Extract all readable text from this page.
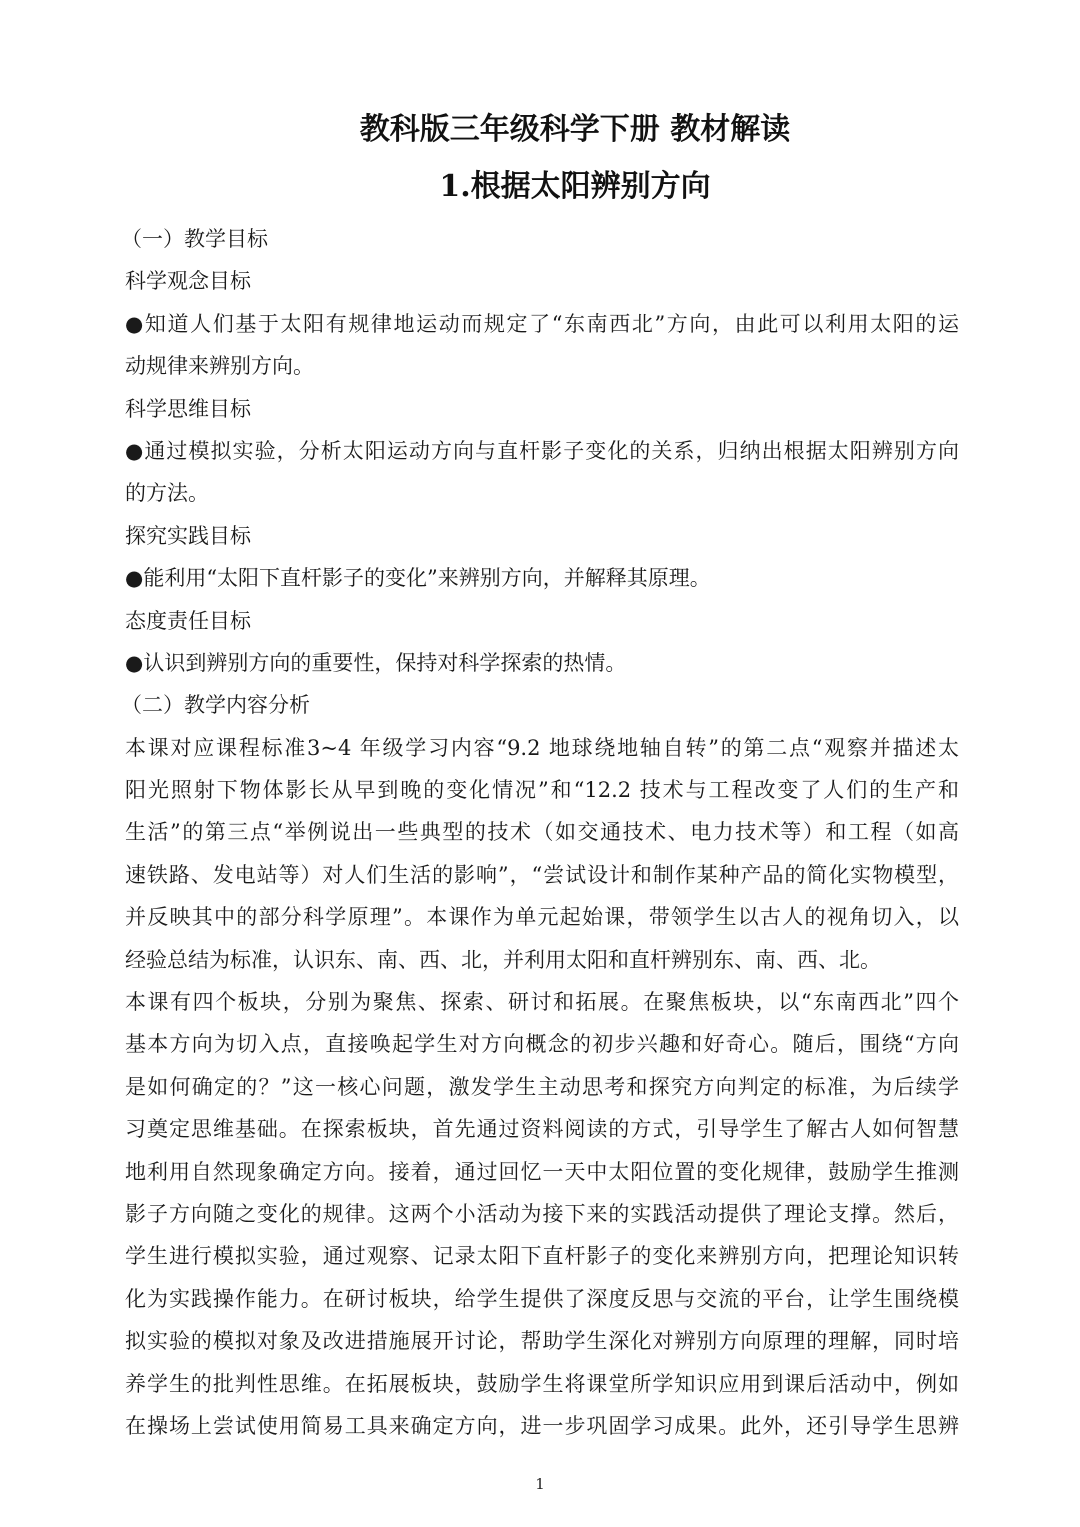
教科版三年级科学下册 教材解读
1.根据太阳辨别方向
（一）教学目标
科学观念目标
●知道人们基于太阳有规律地运动而规定了“东南西北”方向，由此可以利用太阳的运
动规律来辨别方向。
科学思维目标
●通过模拟实验，分析太阳运动方向与直杆影子变化的关系，归纳出根据太阳辨别方向
的方法。
探究实践目标
●能利用“太阳下直杆影子的变化”来辨别方向，并解释其原理。
态度责任目标
●认识到辨别方向的重要性，保持对科学探索的热情。
（二）教学内容分析
本课对应课程标准3~4 年级学习内容“9.2 地球绕地轴自转”的第二点“观察并描述太
阳光照射下物体影长从早到晚的变化情况”和“12.2 技术与工程改变了人们的生产和
生活”的第三点“举例说出一些典型的技术（如交通技术、电力技术等）和工程（如高
速铁路、发电站等）对人们生活的影响”，“尝试设计和制作某种产品的简化实物模型，
并反映其中的部分科学原理”。本课作为单元起始课，带领学生以古人的视角切入，以
经验总结为标准，认识东、南、西、北，并利用太阳和直杆辨别东、南、西、北。
本课有四个板块，分别为聚焦、探索、研讨和拓展。在聚焦板块，以“东南西北”四个
基本方向为切入点，直接唤起学生对方向概念的初步兴趣和好奇心。随后，围绕“方向
是如何确定的？”这一核心问题，激发学生主动思考和探究方向判定的标准，为后续学
习奠定思维基础。在探索板块，首先通过资料阅读的方式，引导学生了解古人如何智慧
地利用自然现象确定方向。接着，通过回忆一天中太阳位置的变化规律，鼓励学生推测
影子方向随之变化的规律。这两个小活动为接下来的实践活动提供了理论支撑。然后，
学生进行模拟实验，通过观察、记录太阳下直杆影子的变化来辨别方向，把理论知识转
化为实践操作能力。在研讨板块，给学生提供了深度反思与交流的平台，让学生围绕模
拟实验的模拟对象及改进措施展开讨论，帮助学生深化对辨别方向原理的理解，同时培
养学生的批判性思维。在拓展板块，鼓励学生将课堂所学知识应用到课后活动中，例如
在操场上尝试使用简易工具来确定方向，进一步巩固学习成果。此外，还引导学生思辨
1
